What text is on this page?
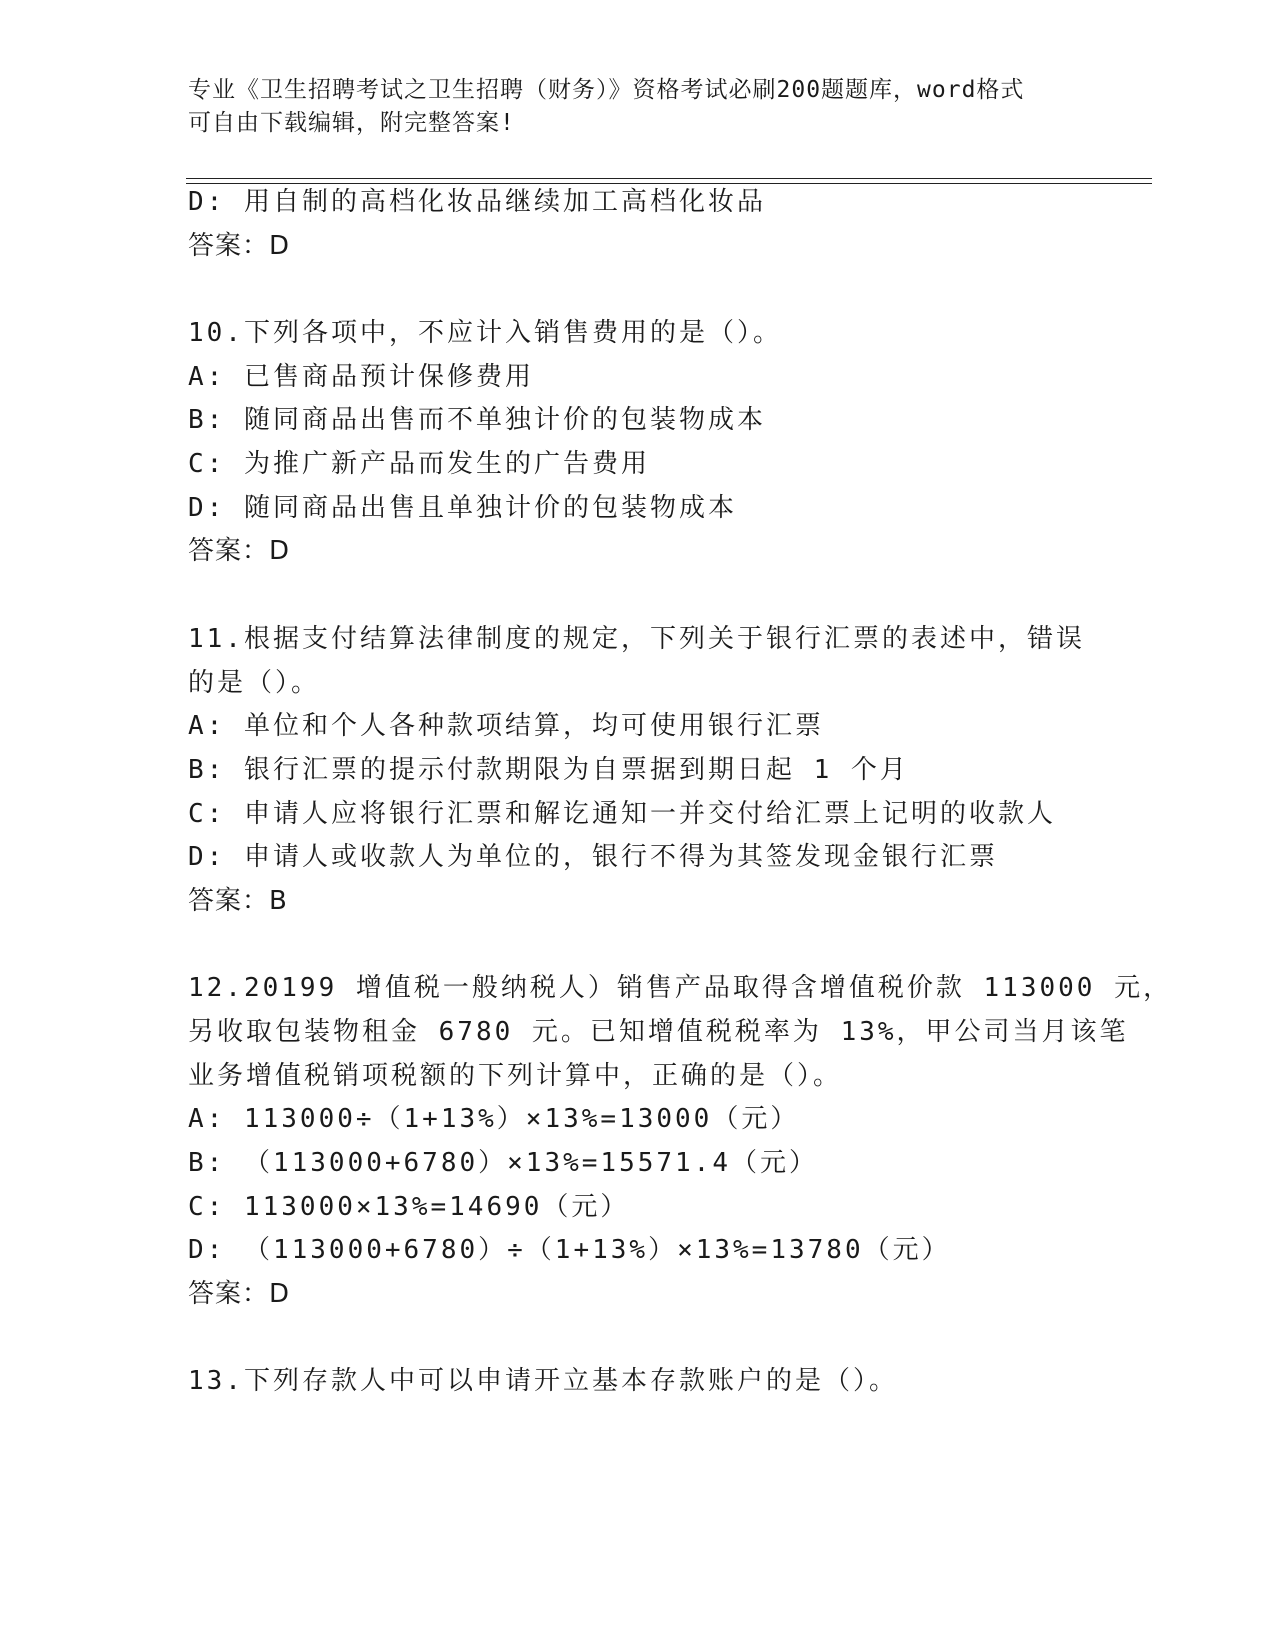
专业《卫生招聘考试之卫生招聘（财务）》资格考试必刷200题题库，word格式
可自由下载编辑，附完整答案!
D: 用自制的高档化妆品继续加工高档化妆品
答案：D
10.下列各项中，不应计入销售费用的是（）。
A: 已售商品预计保修费用
B: 随同商品出售而不单独计价的包装物成本
C: 为推广新产品而发生的广告费用
D: 随同商品出售且单独计价的包装物成本
答案：D
11.根据支付结算法律制度的规定，下列关于银行汇票的表述中，错误
的是（）。
A: 单位和个人各种款项结算，均可使用银行汇票
B: 银行汇票的提示付款期限为自票据到期日起 1 个月
C: 申请人应将银行汇票和解讫通知一并交付给汇票上记明的收款人
D: 申请人或收款人为单位的，银行不得为其签发现金银行汇票
答案：B
12.20199 增值税一般纳税人）销售产品取得含增值税价款 113000 元，
另收取包装物租金 6780 元。已知增值税税率为 13%，甲公司当月该笔
业务增值税销项税额的下列计算中，正确的是（）。
A: 113000÷（1+13%）×13%=13000（元）
B: （113000+6780）×13%=15571.4（元）
C: 113000×13%=14690（元）
D: （113000+6780）÷（1+13%）×13%=13780（元）
答案：D
13.下列存款人中可以申请开立基本存款账户的是（）。
